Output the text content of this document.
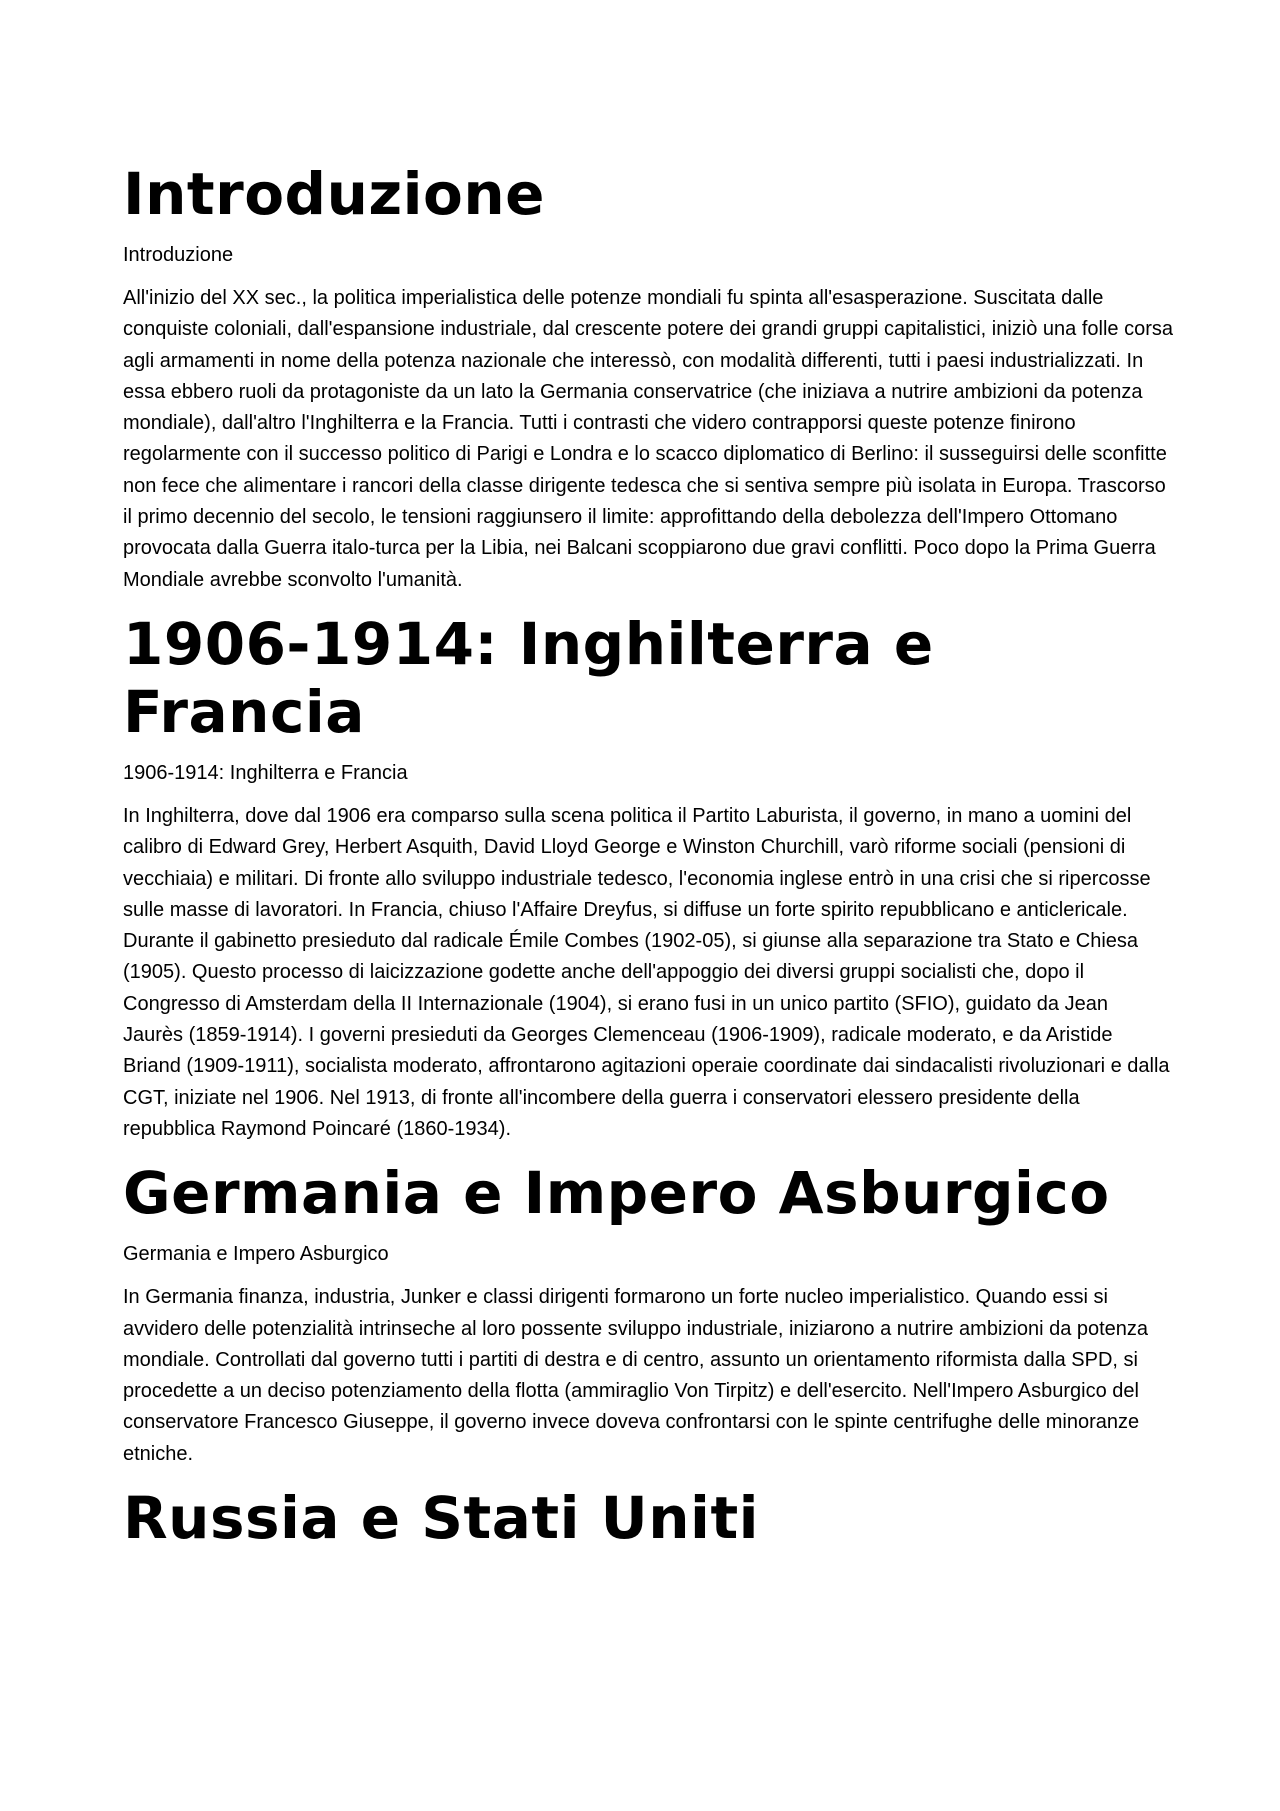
Introduzione

Introduzione

All'inizio del XX sec., la politica imperialistica delle potenze mondiali fu spinta all'esasperazione. Suscitata dalle conquiste coloniali, dall'espansione industriale, dal crescente potere dei grandi gruppi capitalistici, iniziò una folle corsa agli armamenti in nome della potenza nazionale che interessò, con modalità differenti, tutti i paesi industrializzati. In essa ebbero ruoli da protagoniste da un lato la Germania conservatrice (che iniziava a nutrire ambizioni da potenza mondiale), dall'altro l'Inghilterra e la Francia. Tutti i contrasti che videro contrapporsi queste potenze finirono regolarmente con il successo politico di Parigi e Londra e lo scacco diplomatico di Berlino: il susseguirsi delle sconfitte non fece che alimentare i rancori della classe dirigente tedesca che si sentiva sempre più isolata in Europa. Trascorso il primo decennio del secolo, le tensioni raggiunsero il limite: approfittando della debolezza dell'Impero Ottomano provocata dalla Guerra italo-turca per la Libia, nei Balcani scoppiarono due gravi conflitti. Poco dopo la Prima Guerra Mondiale avrebbe sconvolto l'umanità.

1906-1914: Inghilterra e Francia

1906-1914: Inghilterra e Francia

In Inghilterra, dove dal 1906 era comparso sulla scena politica il Partito Laburista, il governo, in mano a uomini del calibro di Edward Grey, Herbert Asquith, David Lloyd George e Winston Churchill, varò riforme sociali (pensioni di vecchiaia) e militari. Di fronte allo sviluppo industriale tedesco, l'economia inglese entrò in una crisi che si ripercosse sulle masse di lavoratori. In Francia, chiuso l'Affaire Dreyfus, si diffuse un forte spirito repubblicano e anticlericale. Durante il gabinetto presieduto dal radicale Émile Combes (1902-05), si giunse alla separazione tra Stato e Chiesa (1905). Questo processo di laicizzazione godette anche dell'appoggio dei diversi gruppi socialisti che, dopo il Congresso di Amsterdam della II Internazionale (1904), si erano fusi in un unico partito (SFIO), guidato da Jean Jaurès (1859-1914). I governi presieduti da Georges Clemenceau (1906-1909), radicale moderato, e da Aristide Briand (1909-1911), socialista moderato, affrontarono agitazioni operaie coordinate dai sindacalisti rivoluzionari e dalla CGT, iniziate nel 1906. Nel 1913, di fronte all'incombere della guerra i conservatori elessero presidente della repubblica Raymond Poincaré (1860-1934).

Germania e Impero Asburgico

Germania e Impero Asburgico

In Germania finanza, industria, Junker e classi dirigenti formarono un forte nucleo imperialistico. Quando essi si avvidero delle potenzialità intrinseche al loro possente sviluppo industriale, iniziarono a nutrire ambizioni da potenza mondiale. Controllati dal governo tutti i partiti di destra e di centro, assunto un orientamento riformista dalla SPD, si procedette a un deciso potenziamento della flotta (ammiraglio Von Tirpitz) e dell'esercito. Nell'Impero Asburgico del conservatore Francesco Giuseppe, il governo invece doveva confrontarsi con le spinte centrifughe delle minoranze etniche.

Russia e Stati Uniti
